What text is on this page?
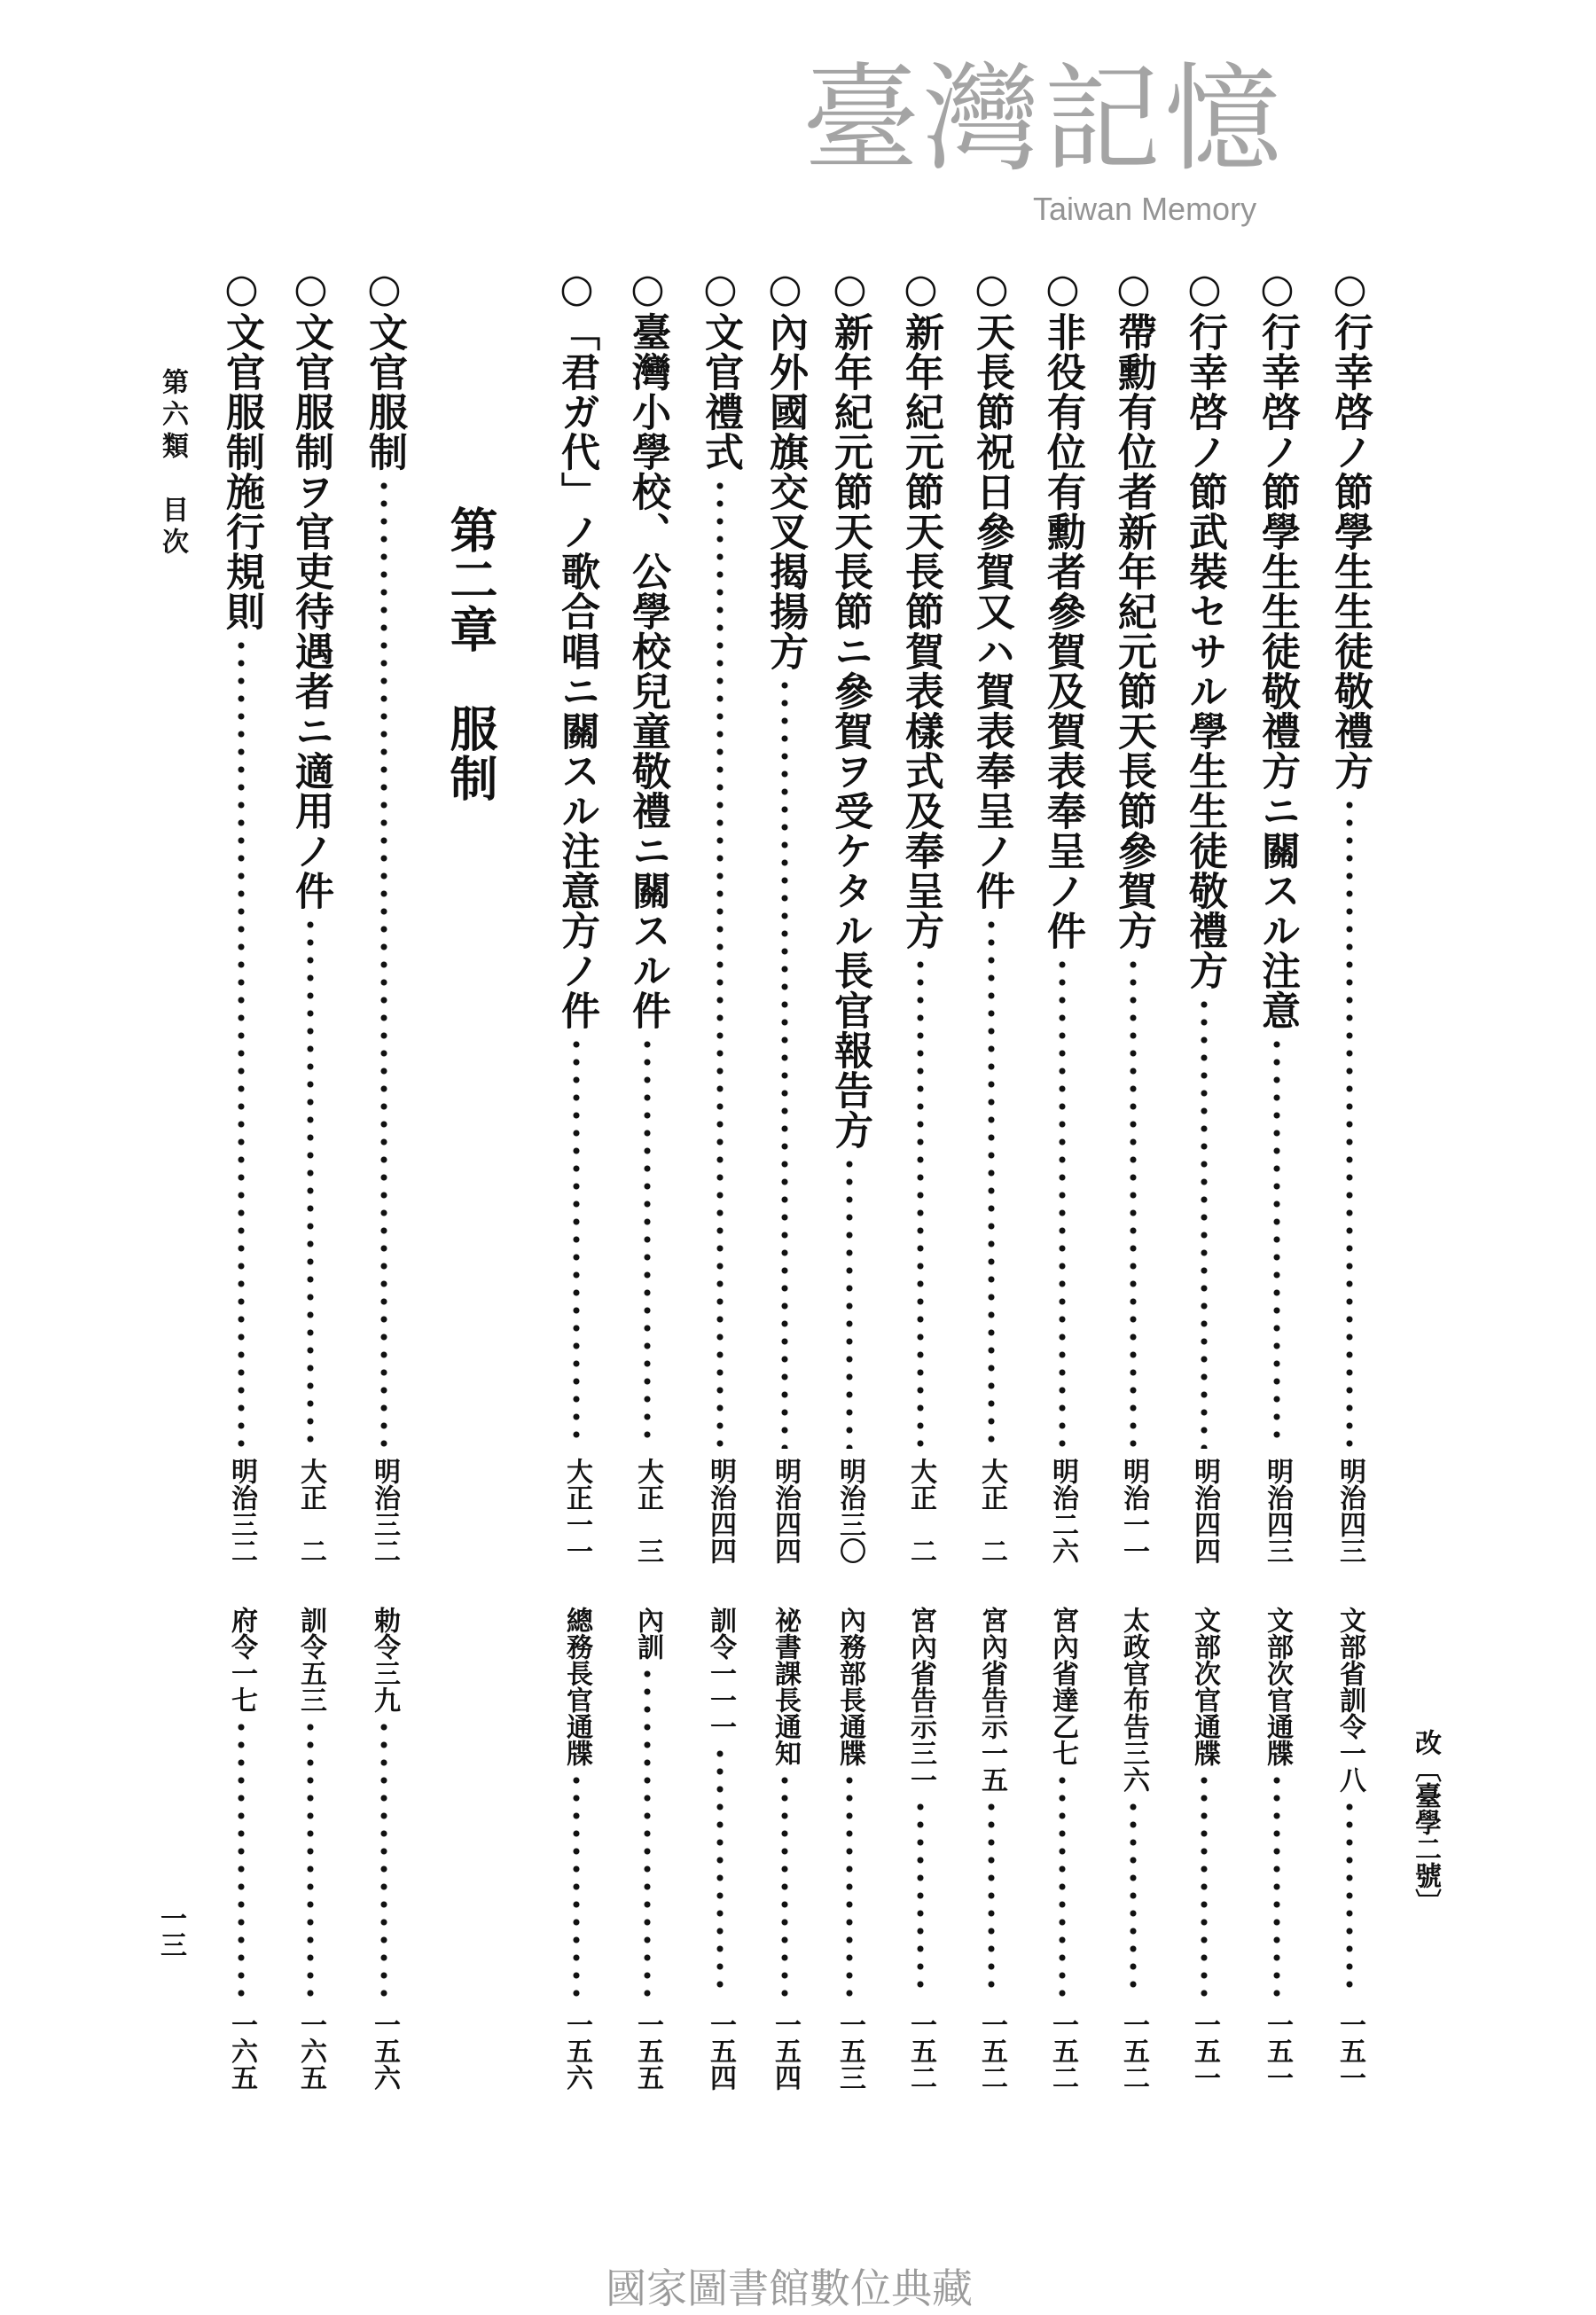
○行幸啓ノ節學生生徒敬禮方
明治四三
文部省訓令一八
一五一
○行幸啓ノ節學生生徒敬禮方ニ關スル注意
明治四三
文部次官通牒
一五一
○行幸啓ノ節武裝セサル學生生徒敬禮方
明治四四
文部次官通牒
一五一
○帶勳有位者新年紀元節天長節參賀方
明治一一
太政官布告三六
一五二
○非役有位有勳者參賀及賀表奉呈ノ件
明治二六
宮內省達乙七
一五二
○天長節祝日參賀又ハ賀表奉呈ノ件
大正　二
宮內省告示一五
一五二
○新年紀元節天長節賀表樣式及奉呈方
大正　二
宮內省告示三一
一五二
○新年紀元節天長節ニ參賀ヲ受ケタル長官報告方
明治三〇
內務部長通牒
一五三
○內外國旗交叉揭揚方
明治四四
祕書課長通知
一五四
○文官禮式
明治四四
訓令一一一
一五四
○臺灣小學校、公學校兒童敬禮ニ關スル件
大正　三
內訓
一五五
○「君ガ代」ノ歌合唱ニ關スル注意方ノ件
大正一一
總務長官通牒
一五六
○文官服制
明治三二
勅令三九
一五六
○文官服制ヲ官吏待遇者ニ適用ノ件
大正　二
訓令五三
一六五
○文官服制施行規則
明治三二
府令一七
一六五
改〔臺學二號〕
第二章　服制
第六類　目次
一三
臺灣記憶
Taiwan Memory
國家圖書館數位典藏
